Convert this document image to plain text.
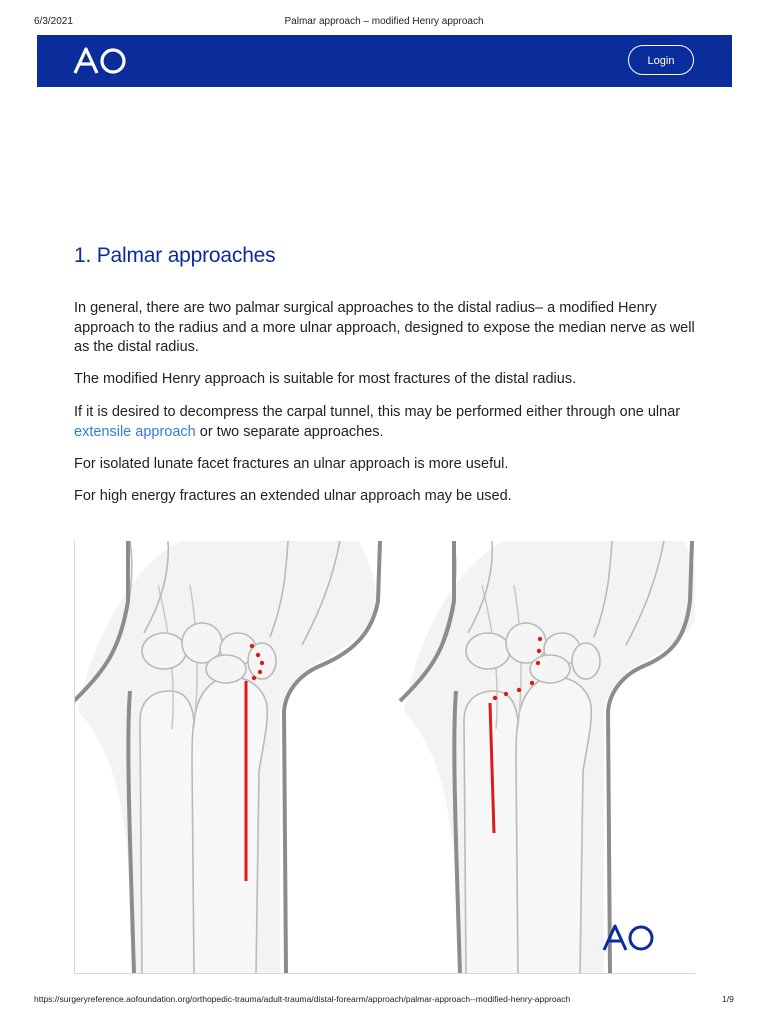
6/3/2021	Palmar approach – modified Henry approach
Login
1. Palmar approaches

In general, there are two palmar surgical approaches to the distal radius– a modified Henry approach to the radius and a more ulnar approach, designed to expose the median nerve as well as the distal radius.

The modified Henry approach is suitable for most fractures of the distal radius.

If it is desired to decompress the carpal tunnel, this may be performed either through one ulnar extensile approach or two separate approaches.

For isolated lunate facet fractures an ulnar approach is more useful.

For high energy fractures an extended ulnar approach may be used.

https://surgeryreference.aofoundation.org/orthopedic-trauma/adult-trauma/distal-forearm/approach/palmar-approach--modified-henry-approach	1/9
